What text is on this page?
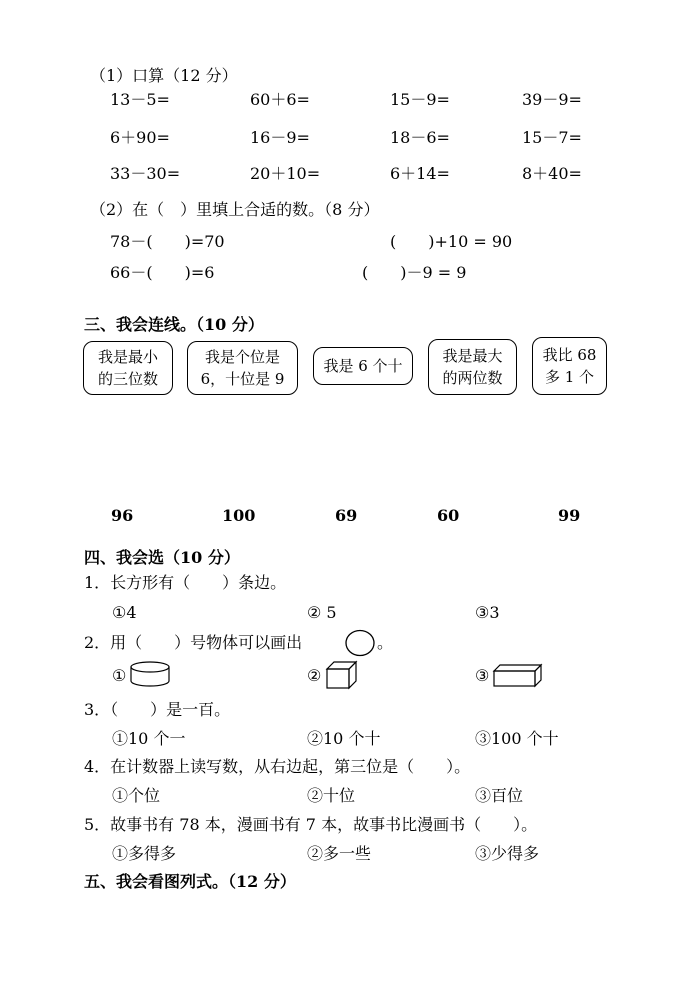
（1）口算（12 分）
13－5=	60＋6=	15－9=	39－9=
6＋90=	16－9=	18－6=	15－7=
33－30=	20＋10=	6＋14=	8＋40=
（2）在（　）里填上合适的数。（8 分）
78－(　　)=70	(　　)+10 = 90
66－(　　)=6	(　　)－9 = 9
三、我会连线。（10 分）
我是最小
的三位数
我是个位是
6，十位是 9
我是 6 个十
我是最大
的两位数
我比 68
多 1 个
96	100	69	60	99
四、我会选（10 分）
1．长方形有（　　）条边。
①4	② 5	③3
2．用（　　）号物体可以画出	。
①	②	③
3．（　　）是一百。
①10 个一	②10 个十	③100 个十
4．在计数器上读写数，从右边起，第三位是（　　）。
①个位	②十位	③百位
5．故事书有 78 本，漫画书有 7 本，故事书比漫画书（　　）。
①多得多	②多一些	③少得多
五、我会看图列式。（12 分）
